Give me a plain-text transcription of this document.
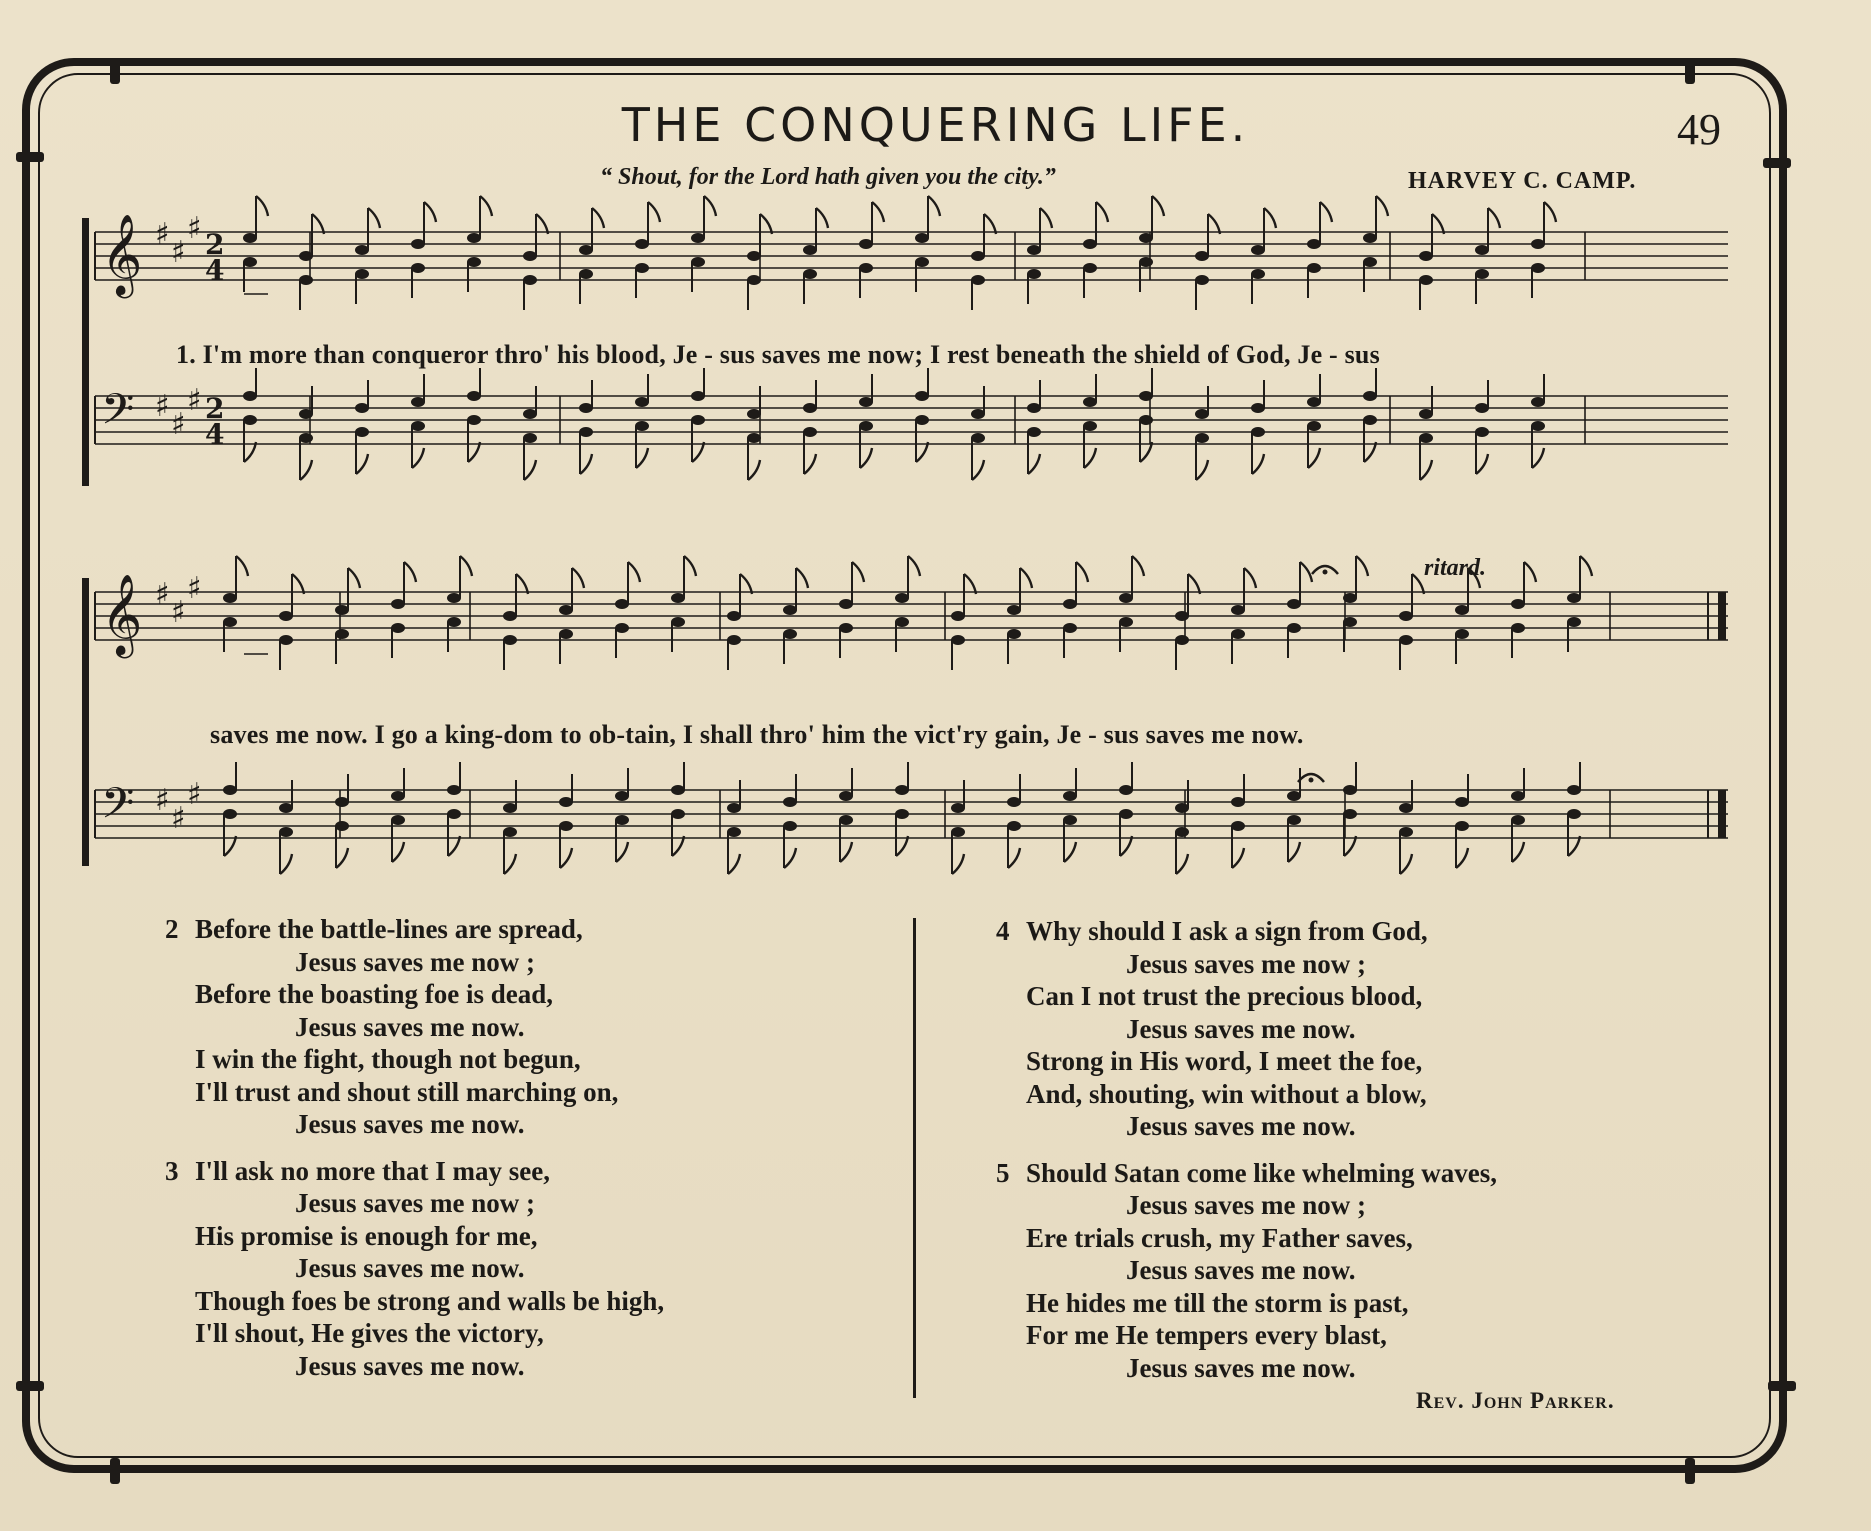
THE CONQUERING LIFE.	49
“ Shout, for the Lord hath given you the city.”	HARVEY C. CAMP.
𝄞 ♯
♯
♯ 2
4
𝄢 ♯
♯
♯ 2
4
𝄞 ♯
♯
♯
𝄢 ♯
♯
♯
1. I'm more than conqueror thro' his blood, Je - sus saves me now; I rest beneath the shield of God, Je - sus
saves me now. I go a king-dom to ob-tain, I shall thro' him the vict'ry gain, Je - sus saves me now.
ritard.
2 Before the battle-lines are spread,
Jesus saves me now ;
Before the boasting foe is dead,
Jesus saves me now.
I win the fight, though not begun,
I'll trust and shout still marching on,
Jesus saves me now.
3 I'll ask no more that I may see,
Jesus saves me now ;
His promise is enough for me,
Jesus saves me now.
Though foes be strong and walls be high,
I'll shout, He gives the victory,
Jesus saves me now.
4 Why should I ask a sign from God,
Jesus saves me now ;
Can I not trust the precious blood,
Jesus saves me now.
Strong in His word, I meet the foe,
And, shouting, win without a blow,
Jesus saves me now.
5 Should Satan come like whelming waves,
Jesus saves me now ;
Ere trials crush, my Father saves,
Jesus saves me now.
He hides me till the storm is past,
For me He tempers every blast,
Jesus saves me now.
Rev. John Parker.
